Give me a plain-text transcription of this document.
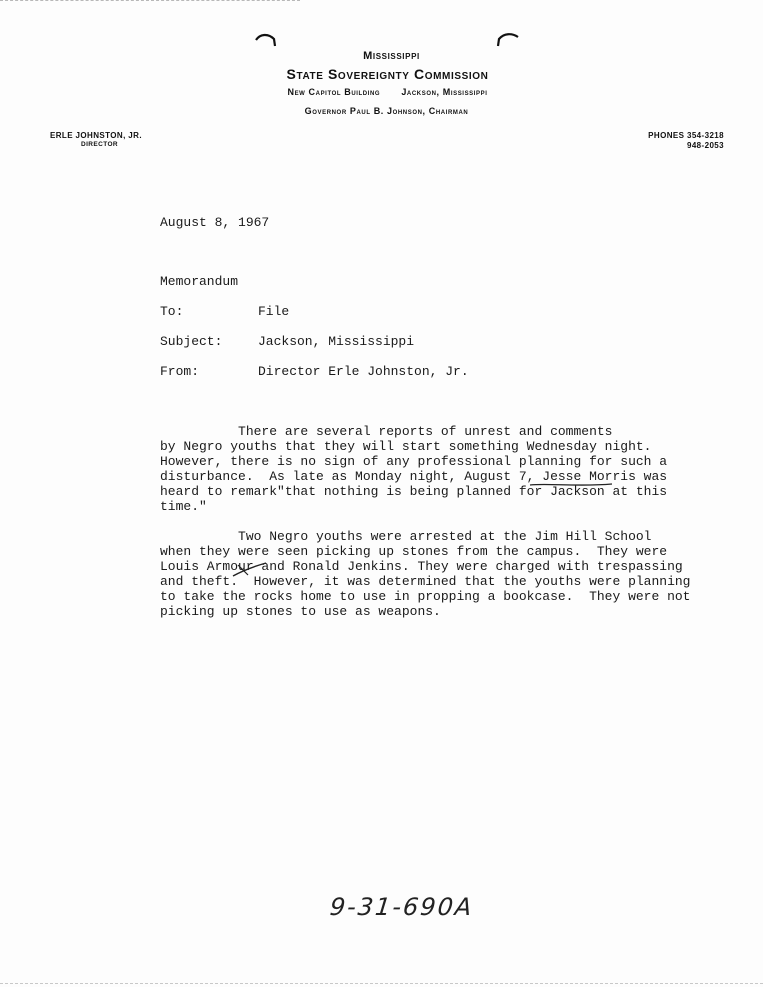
Mississippi
State Sovereignty Commission
New Capitol Building Jackson, Mississippi
Governor Paul B. Johnson, Chairman
ERLE JOHNSTON, JR.
DIRECTOR
PHONES 354-3218
948-2053
August 8, 1967
Memorandum
To:	File
Subject:	Jackson, Mississippi
From:	Director Erle Johnston, Jr.
There are several reports of unrest and comments
by Negro youths that they will start something Wednesday night.
However, there is no sign of any professional planning for such a
disturbance.  As late as Monday night, August 7, Jesse Morris was
heard to remark"that nothing is being planned for Jackson at this
time."
Two Negro youths were arrested at the Jim Hill School
when they were seen picking up stones from the campus.  They were
Louis Armour and Ronald Jenkins. They were charged with trespassing
and theft.  However, it was determined that the youths were planning
to take the rocks home to use in propping a bookcase.  They were not
picking up stones to use as weapons.
9-31-690A
